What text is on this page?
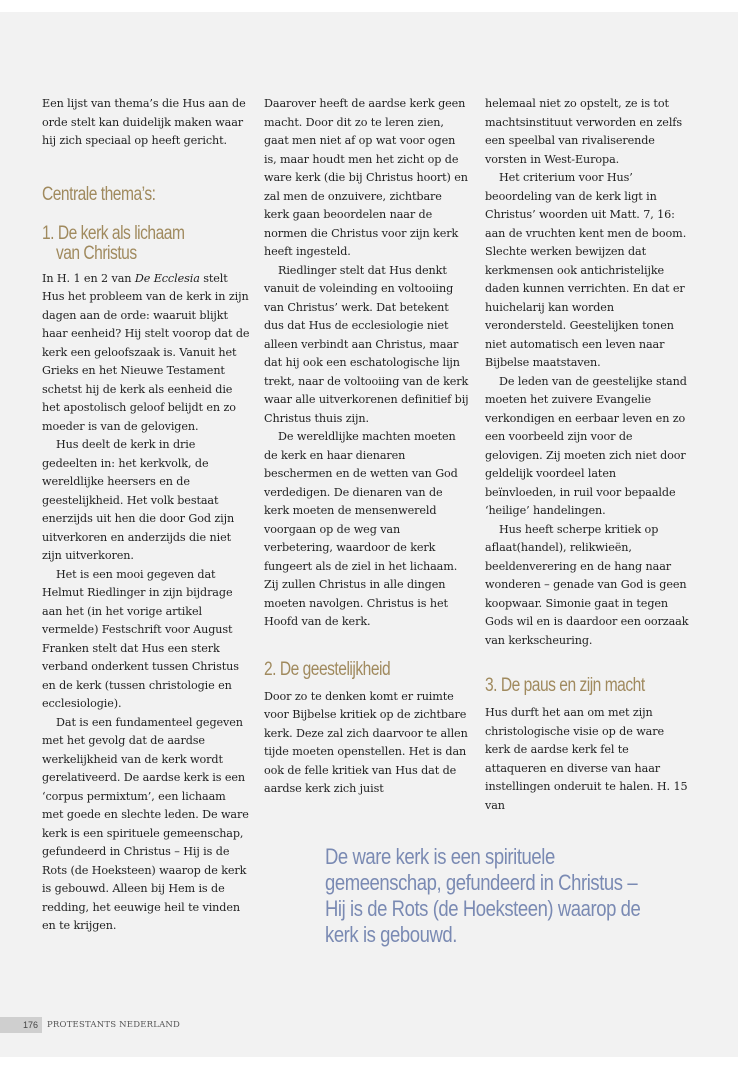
Een lijst van thema’s die Hus aan de orde stelt kan duidelijk maken waar hij zich speciaal op heeft gericht.

Centrale thema’s:
1. De kerk als lichaam
van Christus

In H. 1 en 2 van De Ecclesia stelt Hus het probleem van de kerk in zijn dagen aan de orde: waaruit blijkt haar eenheid? Hij stelt voorop dat de kerk een geloofszaak is. Vanuit het Grieks en het Nieuwe Testament schetst hij de kerk als eenheid die het apostolisch geloof belijdt en zo moeder is van de gelovigen.

Hus deelt de kerk in drie gedeelten in: het kerkvolk, de wereldlijke heersers en de geestelijkheid. Het volk bestaat enerzijds uit hen die door God zijn uitverkoren en anderzijds die niet zijn uitverkoren.

Het is een mooi gegeven dat Helmut Riedlinger in zijn bijdrage aan het (in het vorige artikel vermelde) Festschrift voor August Franken stelt dat Hus een sterk verband onderkent tussen Christus en de kerk (tussen christologie en ecclesiologie).

Dat is een fundamenteel gegeven met het gevolg dat de aardse werkelijkheid van de kerk wordt gerelativeerd. De aardse kerk is een ‘corpus permixtum’, een lichaam met goede en slechte leden. De ware kerk is een spirituele gemeenschap, gefundeerd in Christus – Hij is de Rots (de Hoeksteen) waarop de kerk is gebouwd. Alleen bij Hem is de redding, het eeuwige heil te vinden en te krijgen.

Daarover heeft de aardse kerk geen macht. Door dit zo te leren zien, gaat men niet af op wat voor ogen is, maar houdt men het zicht op de ware kerk (die bij Christus hoort) en zal men de onzuivere, zichtbare kerk gaan beoordelen naar de normen die Christus voor zijn kerk heeft ingesteld.

Riedlinger stelt dat Hus denkt vanuit de voleinding en voltooiing van Christus’ werk. Dat betekent dus dat Hus de ecclesiologie niet alleen verbindt aan Christus, maar dat hij ook een eschatologische lijn trekt, naar de voltooiing van de kerk waar alle uitverkorenen definitief bij Christus thuis zijn.

De wereldlijke machten moeten de kerk en haar dienaren beschermen en de wetten van God verdedigen. De dienaren van de kerk moeten de mensenwereld voorgaan op de weg van verbetering, waardoor de kerk fungeert als de ziel in het lichaam. Zij zullen Christus in alle dingen moeten navolgen. Christus is het Hoofd van de kerk.

2. De geestelijkheid

Door zo te denken komt er ruimte voor Bijbelse kritiek op de zichtbare kerk. Deze zal zich daarvoor te allen tijde moeten openstellen. Het is dan ook de felle kritiek van Hus dat de aardse kerk zich juist

helemaal niet zo opstelt, ze is tot machtsinstituut verworden en zelfs een speelbal van rivaliserende vorsten in West-Europa.

Het criterium voor Hus’ beoordeling van de kerk ligt in Christus’ woorden uit Matt. 7, 16: aan de vruchten kent men de boom. Slechte werken bewijzen dat kerkmensen ook antichristelijke daden kunnen verrichten. En dat er huichelarij kan worden verondersteld. Geestelijken tonen niet automatisch een leven naar Bijbelse maatstaven.

De leden van de geestelijke stand moeten het zuivere Evangelie verkondigen en eerbaar leven en zo een voorbeeld zijn voor de gelovigen. Zij moeten zich niet door geldelijk voordeel laten beïnvloeden, in ruil voor bepaalde ‘heilige’ handelingen.

Hus heeft scherpe kritiek op aflaat(handel), relikwieën, beeldenverering en de hang naar wonderen – genade van God is geen koopwaar. Simonie gaat in tegen Gods wil en is daardoor een oorzaak van kerkscheuring.

3. De paus en zijn macht

Hus durft het aan om met zijn christologische visie op de ware kerk de aardse kerk fel te attaqueren en diverse van haar instellingen onderuit te halen. H. 15 van

De ware kerk is een spirituele
gemeenschap, gefundeerd in Christus –
Hij is de Rots (de Hoeksteen) waarop de
kerk is gebouwd.
176	PROTESTANTS NEDERLAND
